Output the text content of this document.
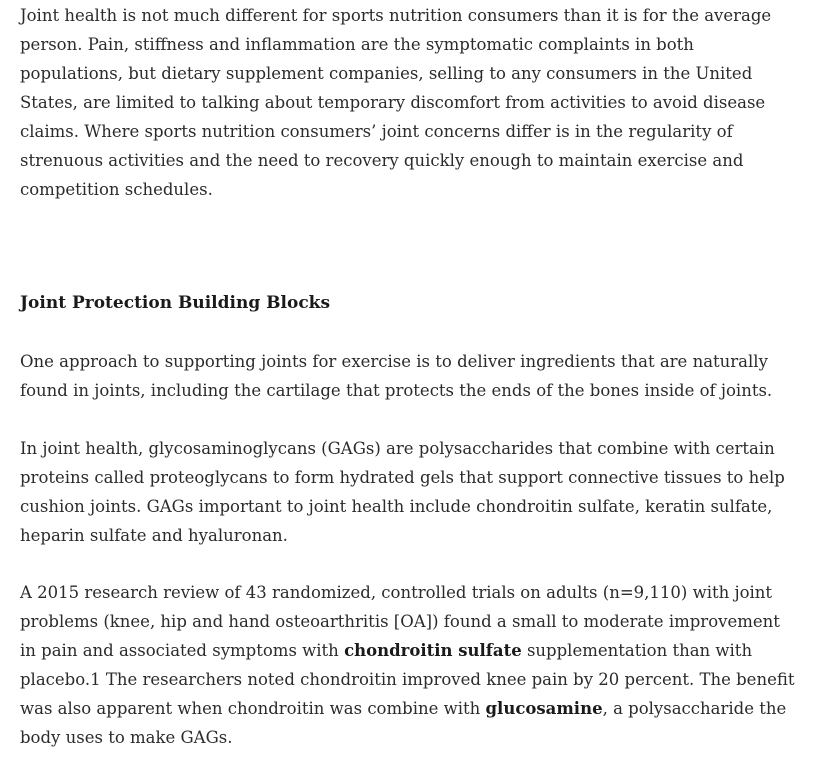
Joint health is not much different for sports nutrition consumers than it is for the average person. Pain, stiffness and inflammation are the symptomatic complaints in both populations, but dietary supplement companies, selling to any consumers in the United States, are limited to talking about temporary discomfort from activities to avoid disease claims. Where sports nutrition consumers’ joint concerns differ is in the regularity of strenuous activities and the need to recovery quickly enough to maintain exercise and competition schedules.

Joint Protection Building Blocks

One approach to supporting joints for exercise is to deliver ingredients that are naturally found in joints, including the cartilage that protects the ends of the bones inside of joints.

In joint health, glycosaminoglycans (GAGs) are polysaccharides that combine with certain proteins called proteoglycans to form hydrated gels that support connective tissues to help cushion joints. GAGs important to joint health include chondroitin sulfate, keratin sulfate, heparin sulfate and hyaluronan.

A 2015 research review of 43 randomized, controlled trials on adults (n=9,110) with joint problems (knee, hip and hand osteoarthritis [OA]) found a small to moderate improvement in pain and associated symptoms with chondroitin sulfate supplementation than with placebo.1 The researchers noted chondroitin improved knee pain by 20 percent. The benefit was also apparent when chondroitin was combine with glucosamine, a polysaccharide the body uses to make GAGs.
